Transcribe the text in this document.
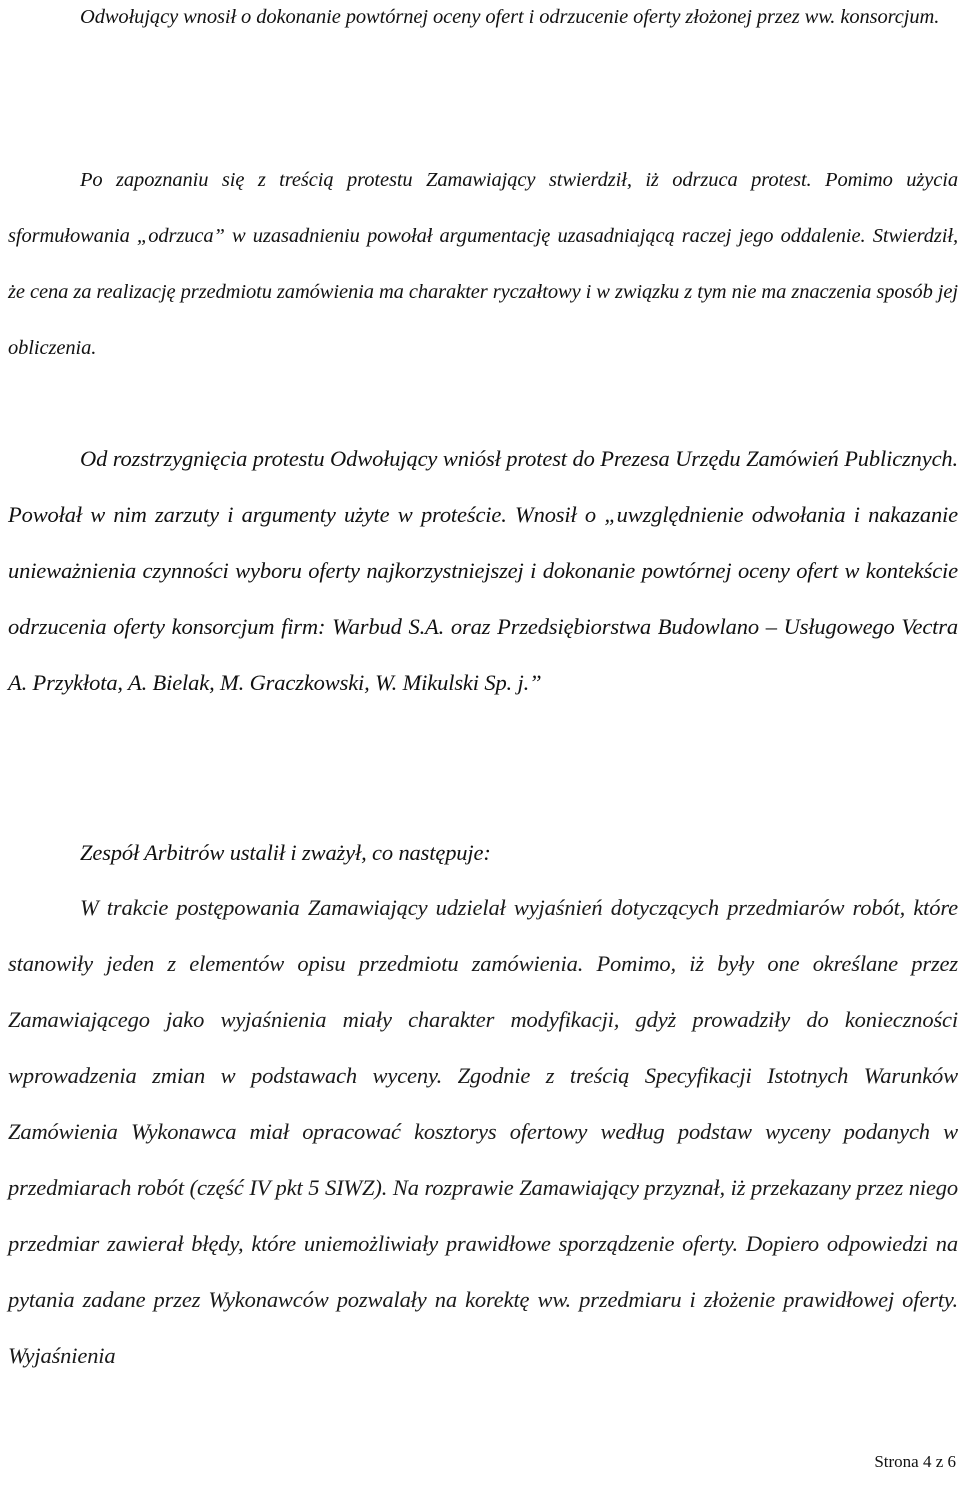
Odwołujący wnosił o dokonanie powtórnej oceny ofert i odrzucenie oferty złożonej przez ww. konsorcjum.

Po zapoznaniu się z treścią protestu Zamawiający stwierdził, iż odrzuca protest. Pomimo użycia sformułowania „odrzuca” w uzasadnieniu powołał argumentację uzasadniającą raczej jego oddalenie. Stwierdził, że cena za realizację przedmiotu zamówienia ma charakter ryczałtowy i w związku z tym nie ma znaczenia sposób jej obliczenia.

Od rozstrzygnięcia protestu Odwołujący wniósł protest do Prezesa Urzędu Zamówień Publicznych. Powołał w nim zarzuty i argumenty użyte w proteście. Wnosił o „uwzględnienie odwołania i nakazanie unieważnienia czynności wyboru oferty najkorzystniejszej i dokonanie powtórnej oceny ofert w kontekście odrzucenia oferty konsorcjum firm: Warbud S.A. oraz Przedsiębiorstwa Budowlano – Usługowego Vectra A. Przykłota, A. Bielak, M. Graczkowski, W. Mikulski Sp. j.”

Zespół Arbitrów ustalił i zważył, co następuje:

W trakcie postępowania Zamawiający udzielał wyjaśnień dotyczących przedmiarów robót, które stanowiły jeden z elementów opisu przedmiotu zamówienia. Pomimo, iż były one określane przez Zamawiającego jako wyjaśnienia miały charakter modyfikacji, gdyż prowadziły do konieczności wprowadzenia zmian w podstawach wyceny. Zgodnie z treścią Specyfikacji Istotnych Warunków Zamówienia Wykonawca miał opracować kosztorys ofertowy według podstaw wyceny podanych w przedmiarach robót (część IV pkt 5 SIWZ). Na rozprawie Zamawiający przyznał, iż przekazany przez niego przedmiar zawierał błędy, które uniemożliwiały prawidłowe sporządzenie oferty. Dopiero odpowiedzi na pytania zadane przez Wykonawców pozwalały na korektę ww. przedmiaru i złożenie prawidłowej oferty. Wyjaśnienia

Strona 4 z 6
